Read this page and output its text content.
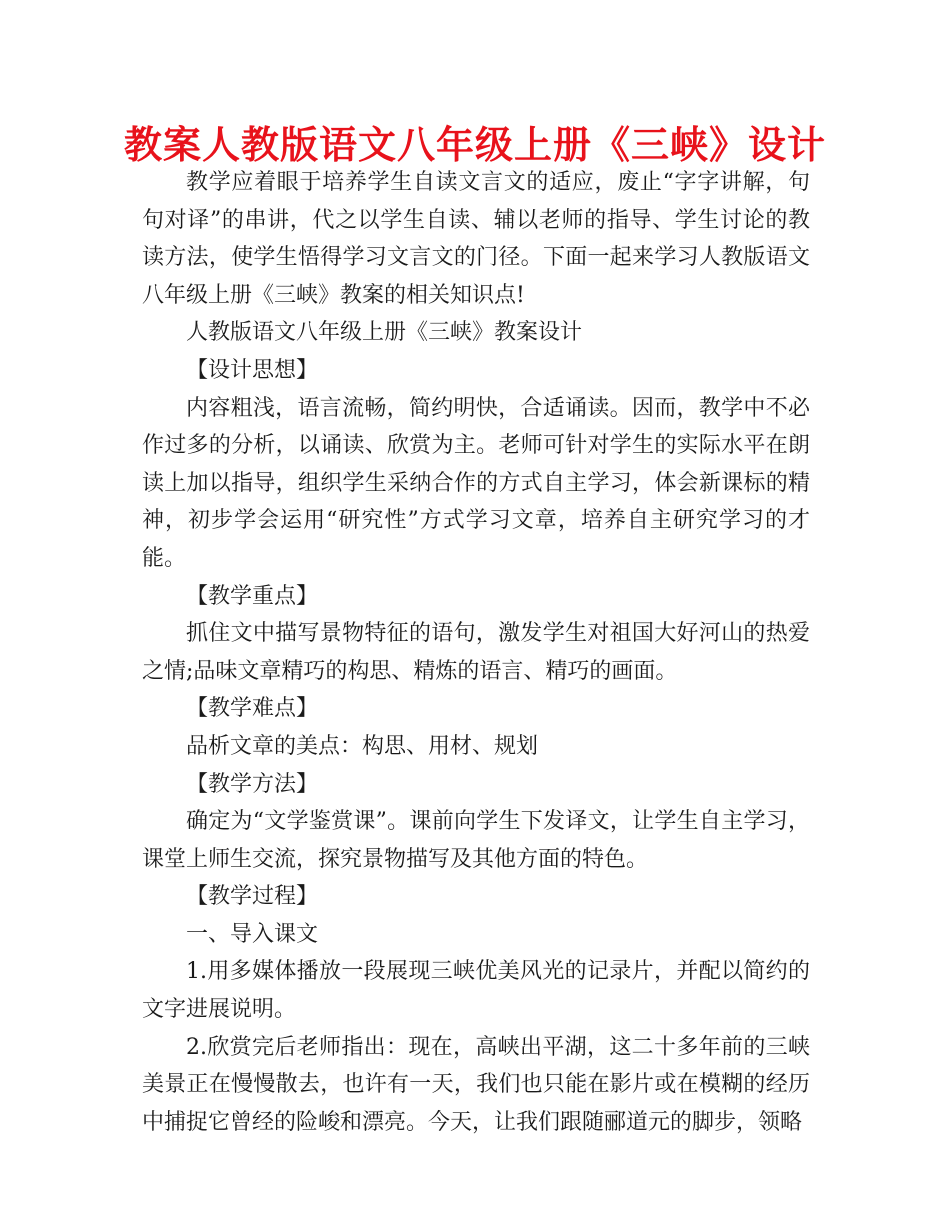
教案人教版语文八年级上册《三峡》设计

教学应着眼于培养学生自读文言文的适应，废止“字字讲解，句句对译”的串讲，代之以学生自读、辅以老师的指导、学生讨论的教读方法，使学生悟得学习文言文的门径。下面一起来学习人教版语文八年级上册《三峡》教案的相关知识点!

人教版语文八年级上册《三峡》教案设计

【设计思想】

内容粗浅，语言流畅，简约明快，合适诵读。因而，教学中不必作过多的分析，以诵读、欣赏为主。老师可针对学生的实际水平在朗读上加以指导，组织学生采纳合作的方式自主学习，体会新课标的精神，初步学会运用“研究性”方式学习文章，培养自主研究学习的才能。

【教学重点】

抓住文中描写景物特征的语句，激发学生对祖国大好河山的热爱之情;品味文章精巧的构思、精炼的语言、精巧的画面。

【教学难点】

品析文章的美点：构思、用材、规划

【教学方法】

确定为“文学鉴赏课”。课前向学生下发译文，让学生自主学习，课堂上师生交流，探究景物描写及其他方面的特色。

【教学过程】

一、导入课文

1.用多媒体播放一段展现三峡优美风光的记录片，并配以简约的文字进展说明。

2.欣赏完后老师指出：现在，高峡出平湖，这二十多年前的三峡美景正在慢慢散去，也许有一天，我们也只能在影片或在模糊的经历中捕捉它曾经的险峻和漂亮。今天，让我们跟随郦道元的脚步，领略
